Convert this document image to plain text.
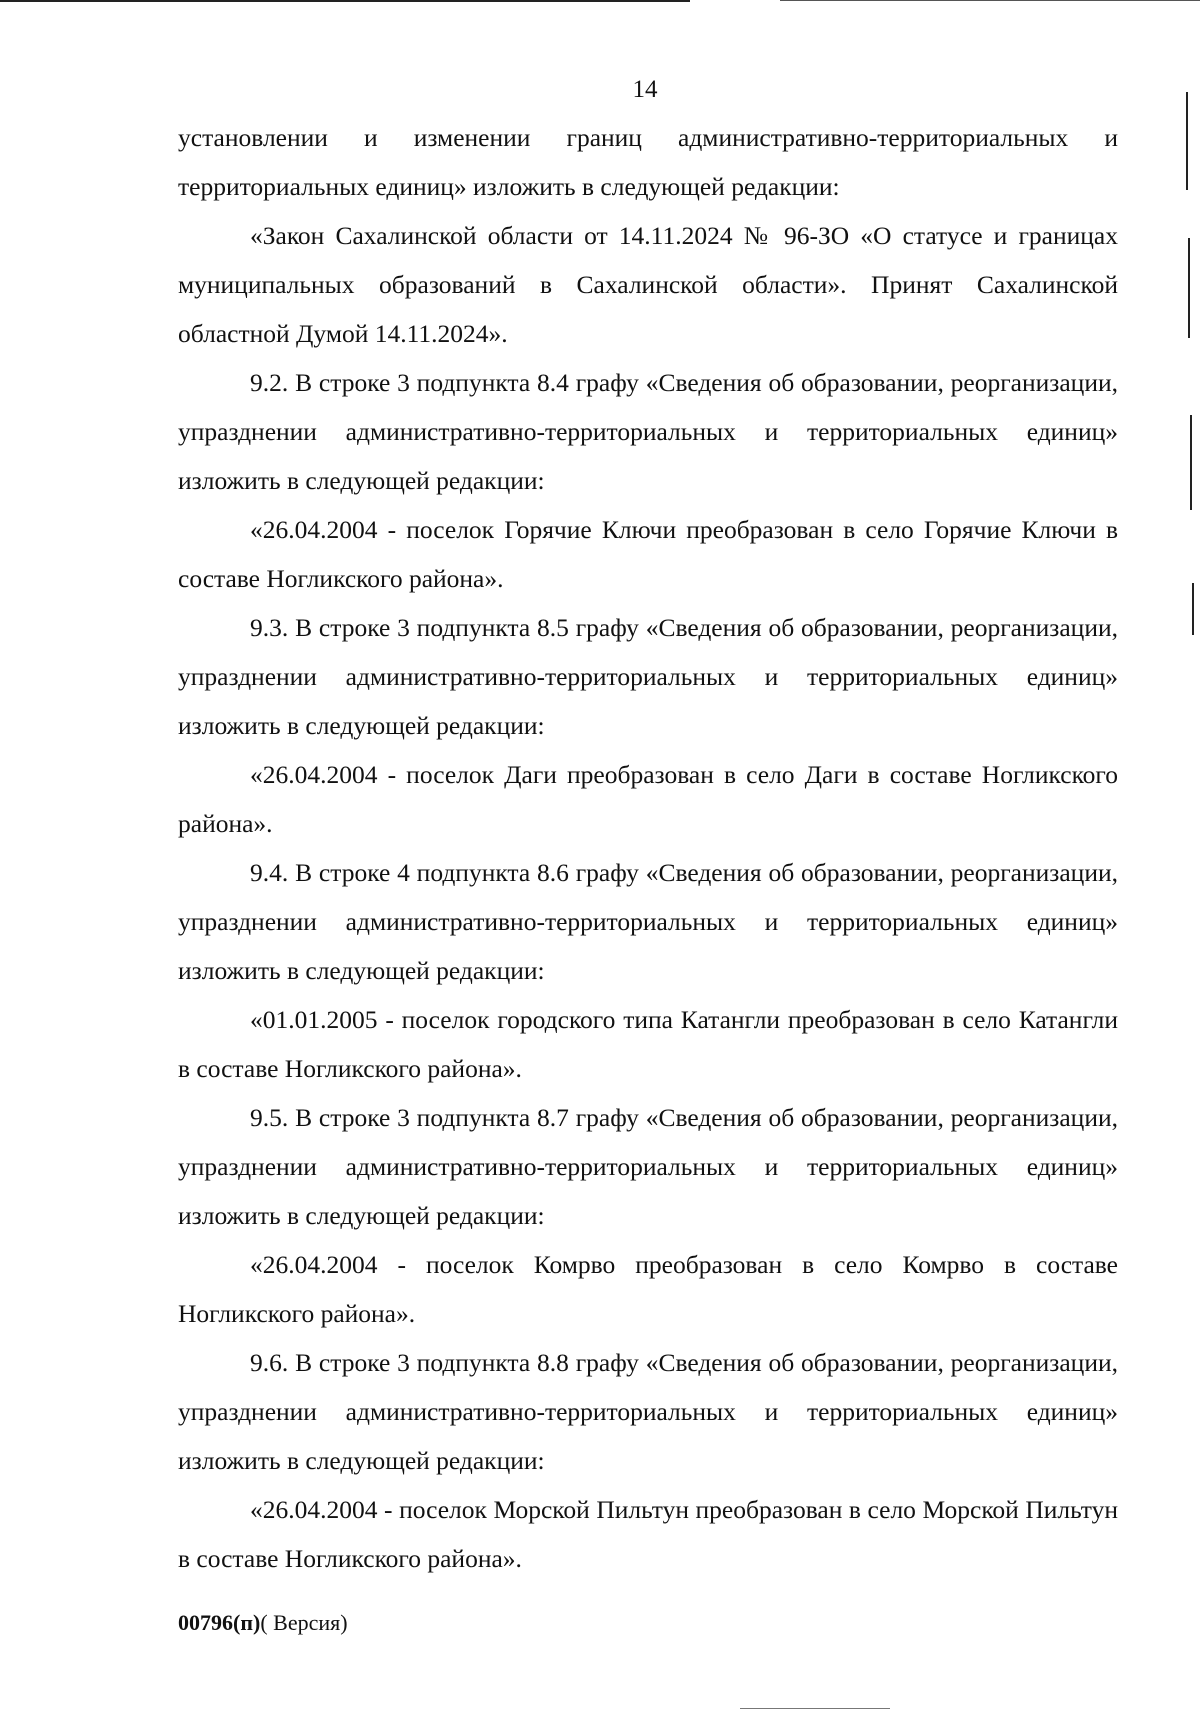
14

установлении и изменении границ административно-территориальных и территориальных единиц» изложить в следующей редакции:

«Закон Сахалинской области от 14.11.2024 № 96-ЗО «О статусе и границах муниципальных образований в Сахалинской области». Принят Сахалинской областной Думой 14.11.2024».

9.2. В строке 3 подпункта 8.4 графу «Сведения об образовании, реорганизации, упразднении административно-территориальных и территориальных единиц» изложить в следующей редакции:

«26.04.2004 - поселок Горячие Ключи преобразован в село Горячие Ключи в составе Ногликского района».

9.3. В строке 3 подпункта 8.5 графу «Сведения об образовании, реорганизации, упразднении административно-территориальных и территориальных единиц» изложить в следующей редакции:

«26.04.2004 - поселок Даги преобразован в село Даги в составе Ногликского района».

9.4. В строке 4 подпункта 8.6 графу «Сведения об образовании, реорганизации, упразднении административно-территориальных и территориальных единиц» изложить в следующей редакции:

«01.01.2005 - поселок городского типа Катангли преобразован в село Катангли в составе Ногликского района».

9.5. В строке 3 подпункта 8.7 графу «Сведения об образовании, реорганизации, упразднении административно-территориальных и территориальных единиц» изложить в следующей редакции:

«26.04.2004 - поселок Комрво преобразован в село Комрво в составе Ногликского района».

9.6. В строке 3 подпункта 8.8 графу «Сведения об образовании, реорганизации, упразднении административно-территориальных и территориальных единиц» изложить в следующей редакции:

«26.04.2004 - поселок Морской Пильтун преобразован в село Морской Пильтун в составе Ногликского района».

00796(п)( Версия)
